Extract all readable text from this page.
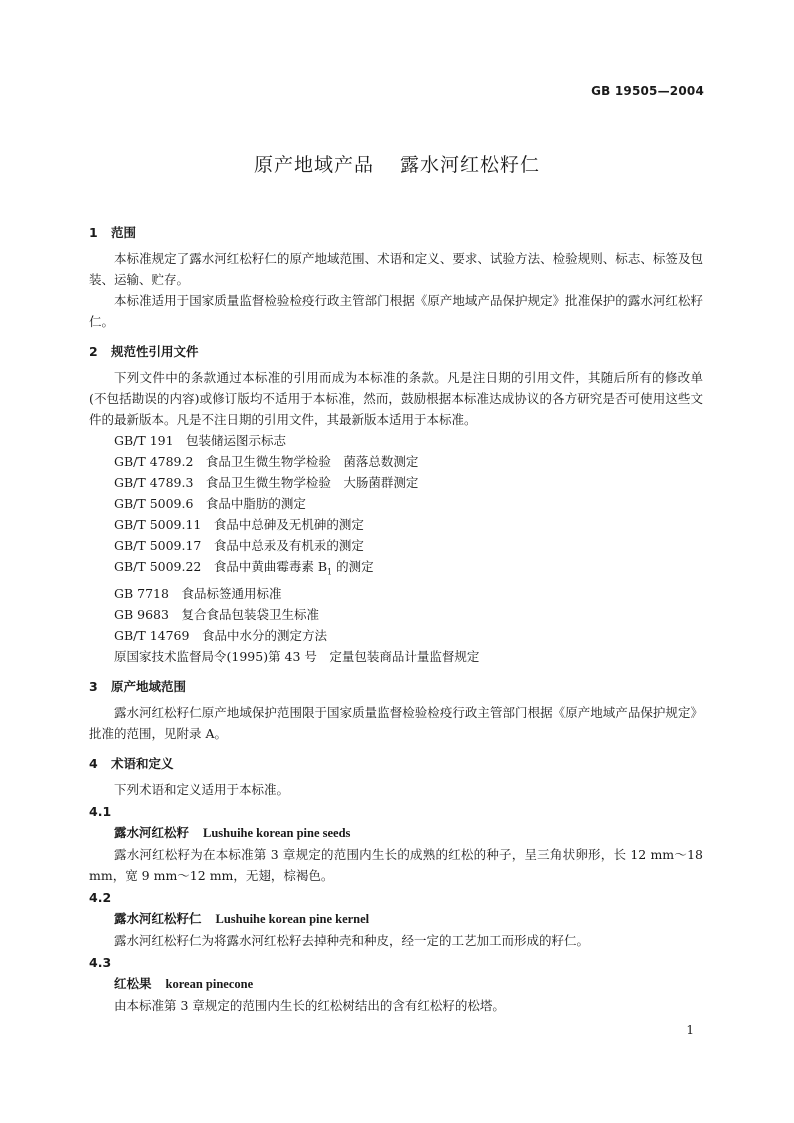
GB 19505—2004
原产地域产品 露水河红松籽仁
1 范围

本标准规定了露水河红松籽仁的原产地域范围、术语和定义、要求、试验方法、检验规则、标志、标签及包装、运输、贮存。

本标准适用于国家质量监督检验检疫行政主管部门根据《原产地域产品保护规定》批准保护的露水河红松籽仁。

2 规范性引用文件

下列文件中的条款通过本标准的引用而成为本标准的条款。凡是注日期的引用文件，其随后所有的修改单(不包括勘误的内容)或修订版均不适用于本标准，然而，鼓励根据本标准达成协议的各方研究是否可使用这些文件的最新版本。凡是不注日期的引用文件，其最新版本适用于本标准。

GB/T 191　包装储运图示标志
GB/T 4789.2　食品卫生微生物学检验　菌落总数测定
GB/T 4789.3　食品卫生微生物学检验　大肠菌群测定
GB/T 5009.6　食品中脂肪的测定
GB/T 5009.11　食品中总砷及无机砷的测定
GB/T 5009.17　食品中总汞及有机汞的测定
GB/T 5009.22　食品中黄曲霉毒素 $B_1$ 的测定
GB 7718　食品标签通用标准
GB 9683　复合食品包装袋卫生标准
GB/T 14769　食品中水分的测定方法
原国家技术监督局令(1995)第 43 号　定量包装商品计量监督规定
3 原产地域范围

露水河红松籽仁原产地域保护范围限于国家质量监督检验检疫行政主管部门根据《原产地域产品保护规定》批准的范围，见附录 A。

4 术语和定义

下列术语和定义适用于本标准。

4.1
露水河红松籽 Lushuihe korean pine seeds

露水河红松籽为在本标准第 3 章规定的范围内生长的成熟的红松的种子，呈三角状卵形，长 12 mm～18 mm，宽 9 mm～12 mm，无翅，棕褐色。

4.2
露水河红松籽仁 Lushuihe korean pine kernel

露水河红松籽仁为将露水河红松籽去掉种壳和种皮，经一定的工艺加工而形成的籽仁。

4.3
红松果 korean pinecone

由本标准第 3 章规定的范围内生长的红松树结出的含有红松籽的松塔。

1
